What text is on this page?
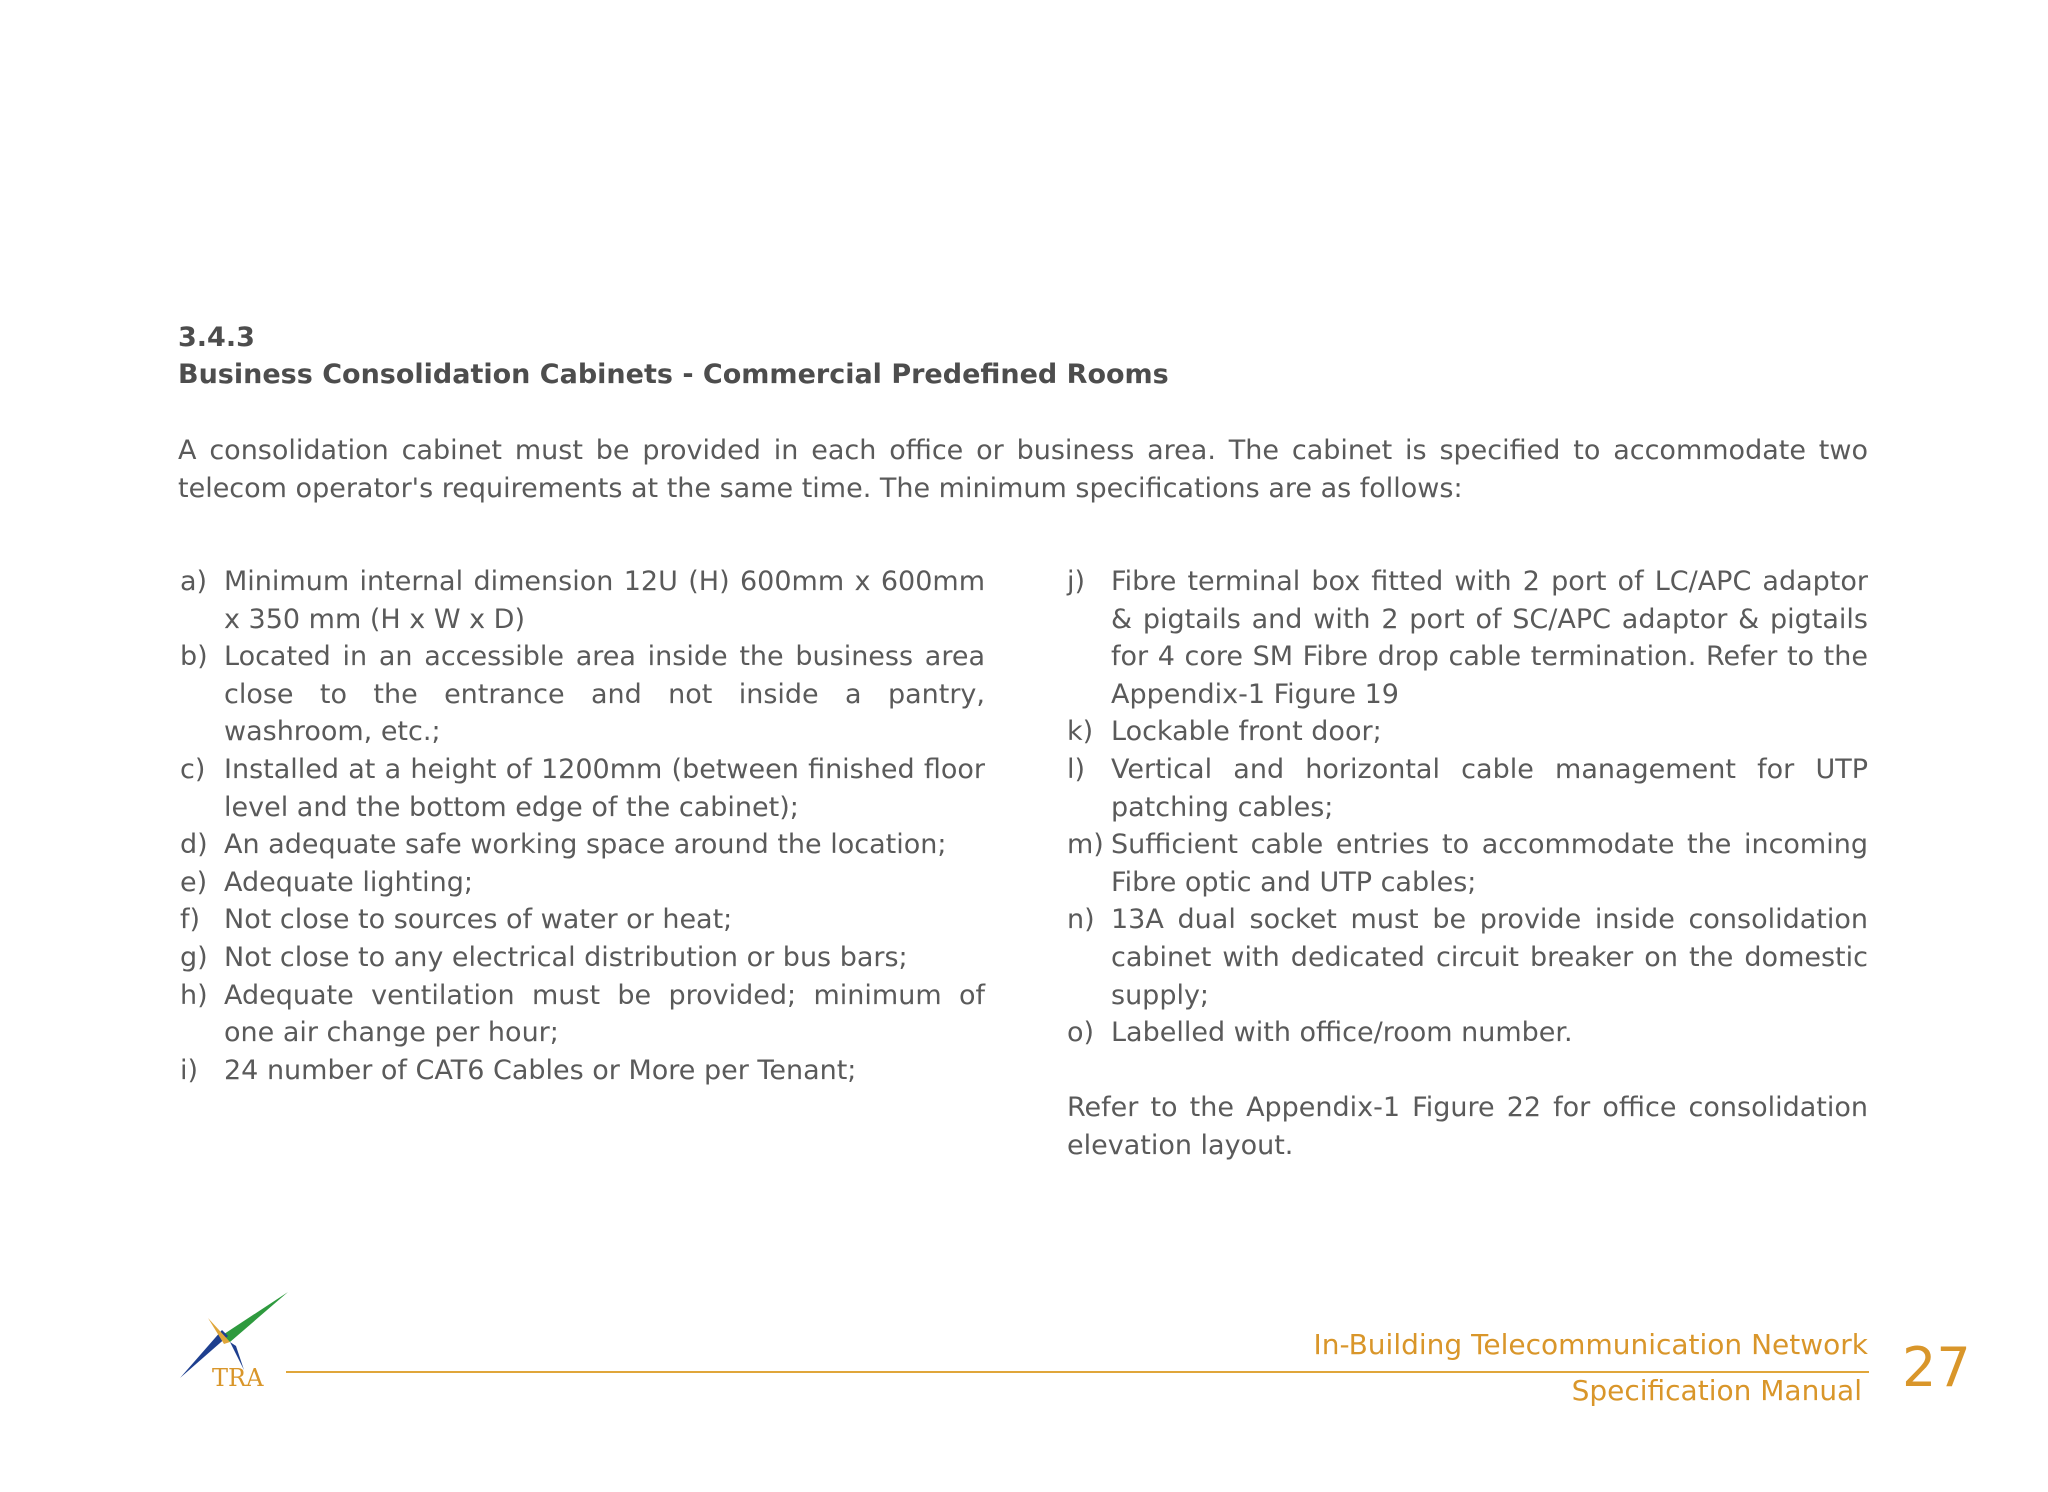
3.4.3
Business Consolidation Cabinets - Commercial Predefined Rooms
A consolidation cabinet must be provided in each office or business area. The cabinet is specified to accommodate two telecom operator's requirements at the same time. The minimum specifications are as follows:
a) Minimum internal dimension 12U (H) 600mm x 600mm x 350 mm (H x W x D)
b) Located in an accessible area inside the business area close to the entrance and not inside a pantry, washroom, etc.;
c) Installed at a height of 1200mm (between finished floor level and the bottom edge of the cabinet);
d) An adequate safe working space around the location;
e) Adequate lighting;
f) Not close to sources of water or heat;
g) Not close to any electrical distribution or bus bars;
h) Adequate ventilation must be provided; minimum of one air change per hour;
i) 24 number of CAT6 Cables or More per Tenant;
j) Fibre terminal box fitted with 2 port of LC/APC adaptor & pigtails and with 2 port of SC/APC adaptor & pigtails for 4 core SM Fibre drop cable termination. Refer to the Appendix-1 Figure 19
k) Lockable front door;
l) Vertical and horizontal cable management for UTP patching cables;
m) Sufficient cable entries to accommodate the incoming Fibre optic and UTP cables;
n) 13A dual socket must be provide inside consolidation cabinet with dedicated circuit breaker on the domestic supply;
o) Labelled with office/room number.
Refer to the Appendix-1 Figure 22 for office consolidation elevation layout.
TRA
In-Building Telecommunication Network
Specification Manual 27
